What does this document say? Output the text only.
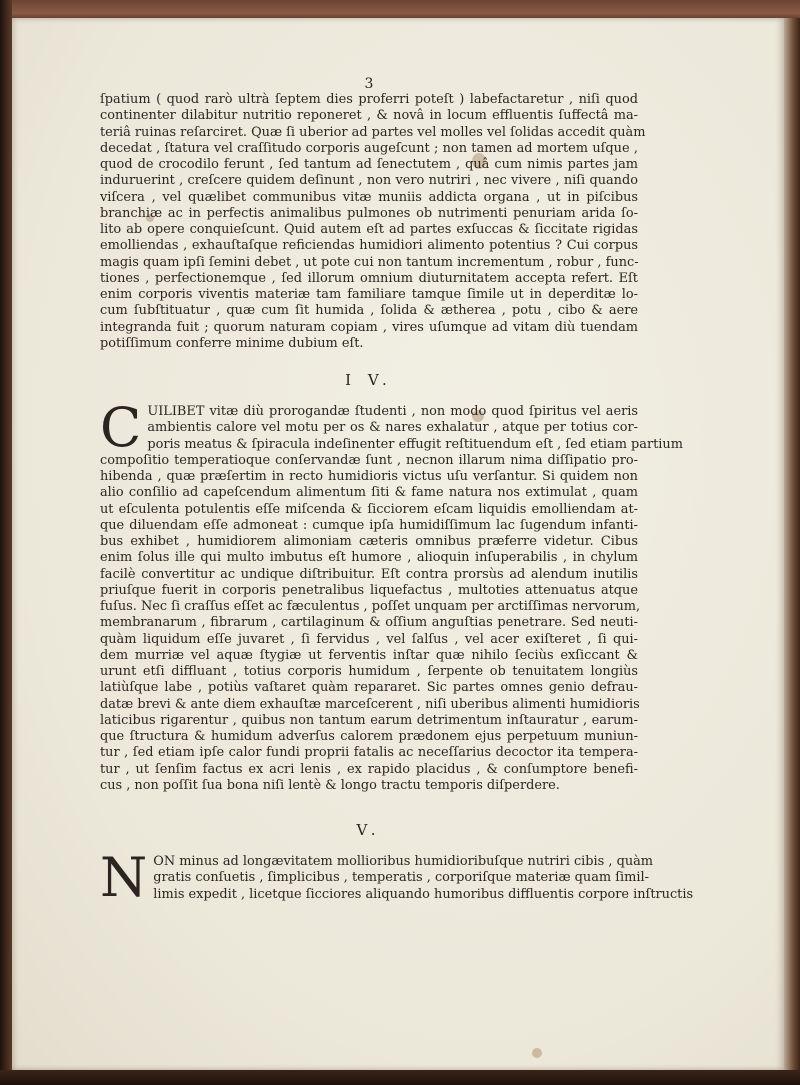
3

ſpatium ( quod rarò ultrà ſeptem dies proferri poteſt ) labefactaretur , niſi quod
continenter dilabitur nutritio reponeret , & novâ in locum effluentis ſuffectâ ma-
teriâ ruinas reſarciret. Quæ ſi uberior ad partes vel molles vel ſolidas accedit quàm
decedat , ſtatura vel craſſitudo corporis augeſcunt ; non tamen ad mortem uſque ,
quod de crocodilo ferunt , ſed tantum ad ſenectutem , quâ cum nimis partes jam
induruerint , creſcere quidem deſinunt , non vero nutriri , nec vivere , niſi quando
viſcera , vel quælibet communibus vitæ muniis addicta organa , ut in piſcibus
branchiæ ac in perfectis animalibus pulmones ob nutrimenti penuriam arida ſo-
lito ab opere conquieſcunt. Quid autem eſt ad partes exſuccas & ſiccitate rigidas
emolliendas , exhauſtaſque reficiendas humidiori alimento potentius ? Cui corpus
magis quam ipſi ſemini debet , ut pote cui non tantum incrementum , robur , func-
tiones , perfectionemque , ſed illorum omnium diuturnitatem accepta refert. Eſt
enim corporis viventis materiæ tam familiare tamque ſimile ut in deperditæ lo-
cum ſubſtituatur , quæ cum ſit humida , ſolida & ætherea , potu , cibo & aere
integranda fuit ; quorum naturam copiam , vires uſumque ad vitam diù tuendam
potiſſimum conferre minime dubium eſt.
I V.
C UILIBET vitæ diù prorogandæ ſtudenti , non modo quod ſpiritus vel aeris
ambientis calore vel motu per os & nares exhalatur , atque per totius cor-
poris meatus & ſpiracula indeſinenter effugit reſtituendum eſt , ſed etiam partium
compoſitio temperatioque conſervandæ ſunt , necnon illarum nima diſſipatio pro-
hibenda , quæ præſertim in recto humidioris victus uſu verſantur. Si quidem non
alio conſilio ad capeſcendum alimentum ſiti & fame natura nos extimulat , quam
ut eſculenta potulentis eſſe miſcenda & ſicciorem eſcam liquidis emolliendam at-
que diluendam eſſe admoneat : cumque ipſa humidiſſimum lac ſugendum infanti-
bus exhibet , humidiorem alimoniam cæteris omnibus præferre videtur. Cibus
enim ſolus ille qui multo imbutus eſt humore , alioquin inſuperabilis , in chylum
facilè convertitur ac undique diſtribuitur. Eſt contra prorsùs ad alendum inutilis
priuſque fuerit in corporis penetralibus liquefactus , multoties attenuatus atque
fuſus. Nec ſi craſſus eſſet ac fæculentus , poſſet unquam per arctiſſimas nervorum,
membranarum , fibrarum , cartilaginum & oſſium anguſtias penetrare. Sed neuti-
quàm liquidum eſſe juvaret , ſi fervidus , vel ſalſus , vel acer exiſteret , ſi qui-
dem murriæ vel aquæ ſtygiæ ut ferventis inſtar quæ nihilo ſeciùs exſiccant &
urunt etſi diffluant , totius corporis humidum , ſerpente ob tenuitatem longiùs
latiùſque labe , potiùs vaſtaret quàm repararet. Sic partes omnes genio defrau-
datæ brevi & ante diem exhauſtæ marceſcerent , niſi uberibus alimenti humidioris
laticibus rigarentur , quibus non tantum earum detrimentum inſtauratur , earum-
que ſtructura & humidum adverſus calorem prædonem ejus perpetuum muniun-
tur , ſed etiam ipſe calor fundi proprii fatalis ac neceſſarius decoctor ita tempera-
tur , ut ſenſim factus ex acri lenis , ex rapido placidus , & conſumptore benefi-
cus , non poſſit ſua bona niſi lentè & longo tractu temporis diſperdere.
V.
N ON minus ad longævitatem mollioribus humidioribuſque nutriri cibis , quàm
gratis conſuetis , ſimplicibus , temperatis , corporiſque materiæ quam ſimil-
limis expedit , licetque ſicciores aliquando humoribus diffluentis corpore inſtructis
